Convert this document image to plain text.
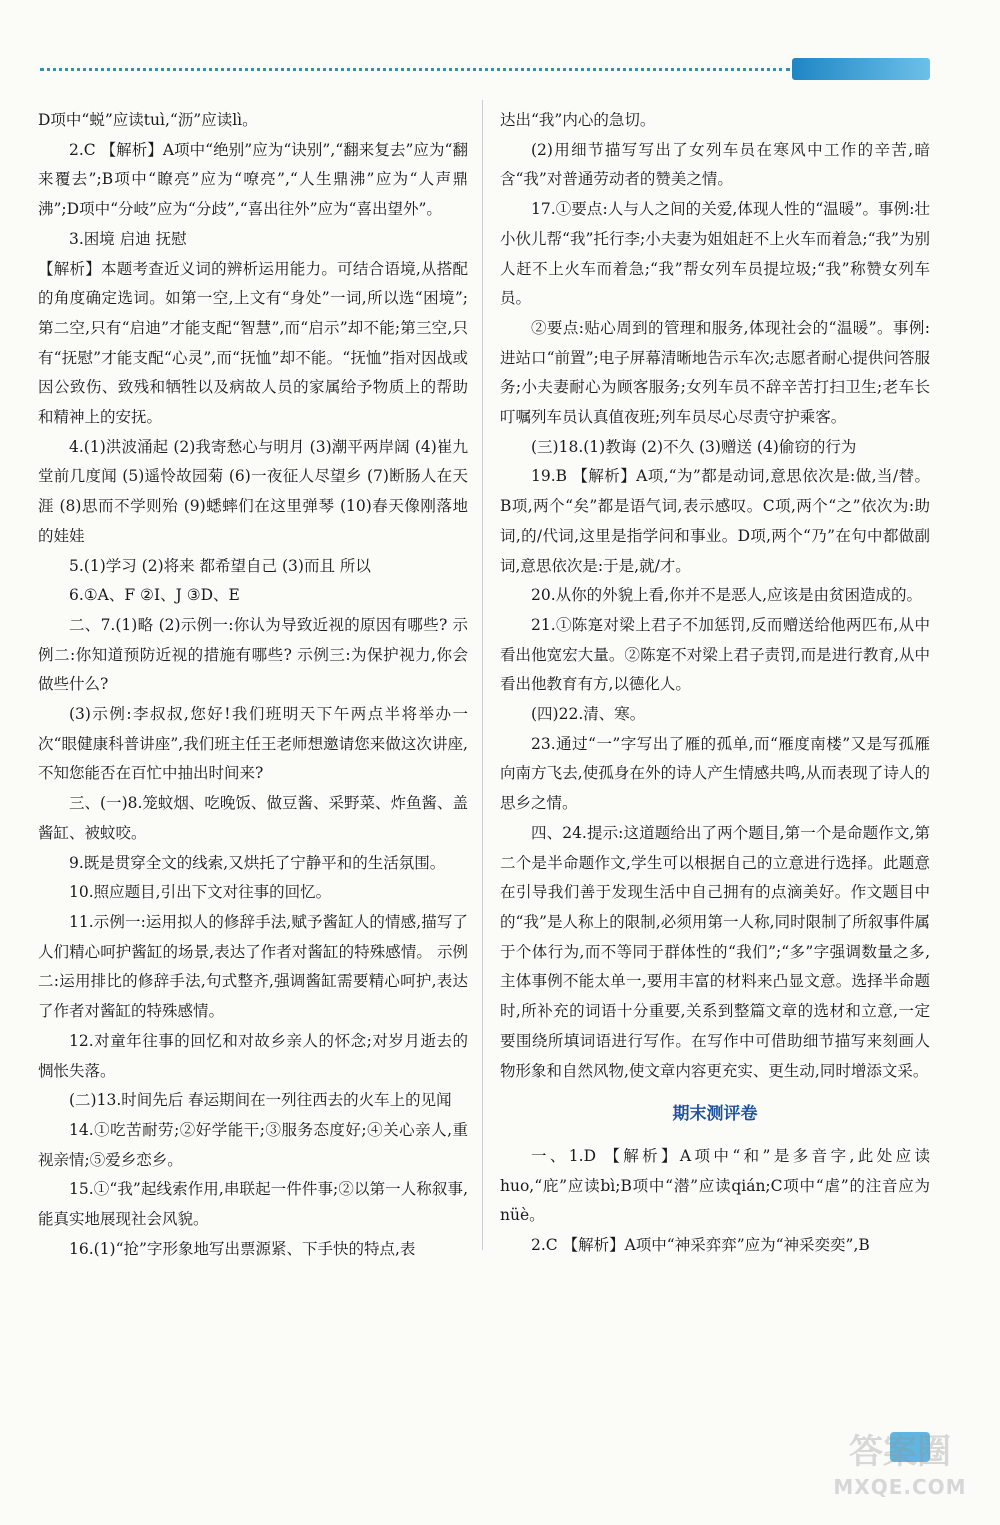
D项中“蜕”应读tuì,“沥”应读lì。

2.C 【解析】A项中“绝别”应为“诀别”,“翻来复去”应为“翻来覆去”;B项中“瞭亮”应为“嘹亮”,“人生鼎沸”应为“人声鼎沸”;D项中“分岐”应为“分歧”,“喜出往外”应为“喜出望外”。

3.困境 启迪 抚慰

【解析】本题考查近义词的辨析运用能力。可结合语境,从搭配的角度确定选词。如第一空,上文有“身处”一词,所以选“困境”;第二空,只有“启迪”才能支配“智慧”,而“启示”却不能;第三空,只有“抚慰”才能支配“心灵”,而“抚恤”却不能。“抚恤”指对因战或因公致伤、致残和牺牲以及病故人员的家属给予物质上的帮助和精神上的安抚。

4.(1)洪波涌起 (2)我寄愁心与明月 (3)潮平两岸阔 (4)崔九堂前几度闻 (5)遥怜故园菊 (6)一夜征人尽望乡 (7)断肠人在天涯 (8)思而不学则殆 (9)蟋蟀们在这里弹琴 (10)春天像刚落地的娃娃

5.(1)学习 (2)将来 都希望自己 (3)而且 所以

6.①A、F ②I、J ③D、E

二、7.(1)略 (2)示例一:你认为导致近视的原因有哪些? 示例二:你知道预防近视的措施有哪些? 示例三:为保护视力,你会做些什么?

(3)示例:李叔叔,您好!我们班明天下午两点半将举办一次“眼健康科普讲座”,我们班主任王老师想邀请您来做这次讲座,不知您能否在百忙中抽出时间来?

三、(一)8.笼蚊烟、吃晚饭、做豆酱、采野菜、炸鱼酱、盖酱缸、被蚊咬。

9.既是贯穿全文的线索,又烘托了宁静平和的生活氛围。

10.照应题目,引出下文对往事的回忆。

11.示例一:运用拟人的修辞手法,赋予酱缸人的情感,描写了人们精心呵护酱缸的场景,表达了作者对酱缸的特殊感情。 示例二:运用排比的修辞手法,句式整齐,强调酱缸需要精心呵护,表达了作者对酱缸的特殊感情。

12.对童年往事的回忆和对故乡亲人的怀念;对岁月逝去的惆怅失落。

(二)13.时间先后 春运期间在一列往西去的火车上的见闻

14.①吃苦耐劳;②好学能干;③服务态度好;④关心亲人,重视亲情;⑤爱乡恋乡。

15.①“我”起线索作用,串联起一件件事;②以第一人称叙事,能真实地展现社会风貌。

16.(1)“抢”字形象地写出票源紧、下手快的特点,表

达出“我”内心的急切。

(2)用细节描写写出了女列车员在寒风中工作的辛苦,暗含“我”对普通劳动者的赞美之情。

17.①要点:人与人之间的关爱,体现人性的“温暖”。事例:壮小伙儿帮“我”托行李;小夫妻为姐姐赶不上火车而着急;“我”为别人赶不上火车而着急;“我”帮女列车员提垃圾;“我”称赞女列车员。

②要点:贴心周到的管理和服务,体现社会的“温暖”。事例:进站口“前置”;电子屏幕清晰地告示车次;志愿者耐心提供问答服务;小夫妻耐心为顾客服务;女列车员不辞辛苦打扫卫生;老车长叮嘱列车员认真值夜班;列车员尽心尽责守护乘客。

(三)18.(1)教诲 (2)不久 (3)赠送 (4)偷窃的行为

19.B 【解析】A项,“为”都是动词,意思依次是:做,当/替。B项,两个“矣”都是语气词,表示感叹。C项,两个“之”依次为:助词,的/代词,这里是指学问和事业。D项,两个“乃”在句中都做副词,意思依次是:于是,就/才。

20.从你的外貌上看,你并不是恶人,应该是由贫困造成的。

21.①陈寔对梁上君子不加惩罚,反而赠送给他两匹布,从中看出他宽宏大量。②陈寔不对梁上君子责罚,而是进行教育,从中看出他教育有方,以德化人。

(四)22.清、寒。

23.通过“一”字写出了雁的孤单,而“雁度南楼”又是写孤雁向南方飞去,使孤身在外的诗人产生情感共鸣,从而表现了诗人的思乡之情。

四、24.提示:这道题给出了两个题目,第一个是命题作文,第二个是半命题作文,学生可以根据自己的立意进行选择。此题意在引导我们善于发现生活中自己拥有的点滴美好。作文题目中的“我”是人称上的限制,必须用第一人称,同时限制了所叙事件属于个体行为,而不等同于群体性的“我们”;“多”字强调数量之多,主体事例不能太单一,要用丰富的材料来凸显文意。选择半命题时,所补充的词语十分重要,关系到整篇文章的选材和立意,一定要围绕所填词语进行写作。在写作中可借助细节描写来刻画人物形象和自然风物,使文章内容更充实、更生动,同时增添文采。

期末测评卷

一、1.D 【解析】A项中“和”是多音字,此处应读huo,“庇”应读bì;B项中“潜”应读qián;C项中“虐”的注音应为nüè。

2.C 【解析】A项中“神采弈弈”应为“神采奕奕”,B

答案圈
MXQE.COM
